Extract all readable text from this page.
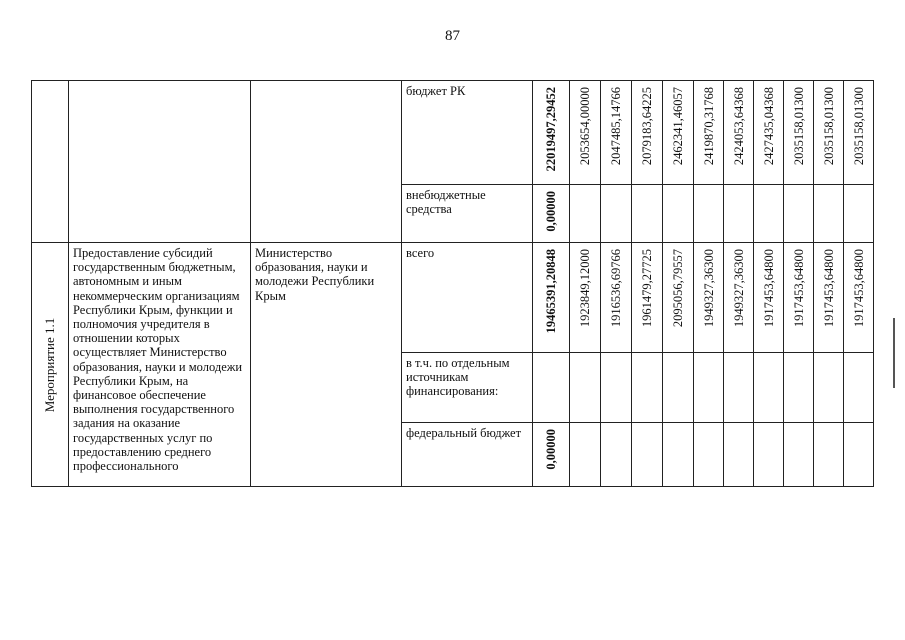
87
			бюджет РК	22019497,29452	2053654,00000	2047485,14766	2079183,64225	2462341,46057	2419870,31768	2424053,64368	2427435,04368	2035158,01300	2035158,01300	2035158,01300

			внебюджетные средства	0,00000										

Мероприятие 1.1	Предоставление субсидий государственным бюджетным, автономным и иным некоммерческим организациям Республики Крым, функции и полномочия учредителя в отношении которых осуществляет Министерство образования, науки и молодежи Республики Крым, на финансовое обеспечение выполнения государственного задания на оказание государственных услуг по предоставлению среднего профессионального	Министерство образования, науки и молодежи Республики Крым	всего	19465391,20848	1923849,12000	1916536,69766	1961479,27725	2095056,79557	1949327,36300	1949327,36300	1917453,64800	1917453,64800	1917453,64800	1917453,64800

			в т.ч. по отдельным источникам финансирования:											
			федеральный бюджет	0,00000										
